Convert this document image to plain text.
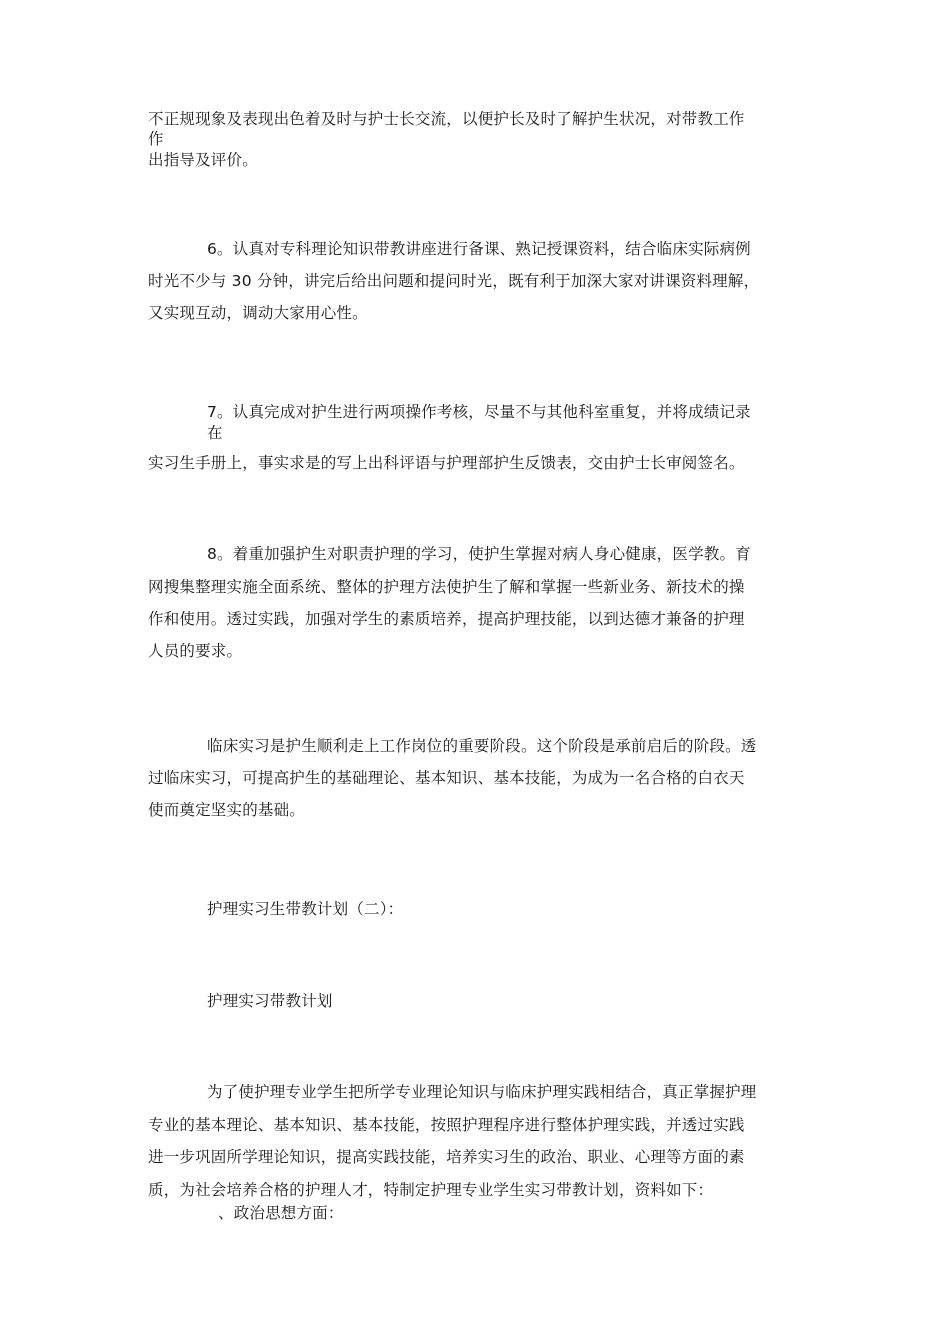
不正规现象及表现出色着及时与护士长交流，以便护长及时了解护生状况，对带教工作
作
出指导及评价。
6。认真对专科理论知识带教讲座进行备课、熟记授课资料，结合临床实际病例
时光不少与 30 分钟，讲完后给出问题和提问时光，既有利于加深大家对讲课资料理解，
又实现互动，调动大家用心性。
7。认真完成对护生进行两项操作考核，尽量不与其他科室重复，并将成绩记录
在
实习生手册上，事实求是的写上出科评语与护理部护生反馈表，交由护士长审阅签名。
8。着重加强护生对职责护理的学习，使护生掌握对病人身心健康，医学教。育
网搜集整理实施全面系统、整体的护理方法使护生了解和掌握一些新业务、新技术的操
作和使用。透过实践，加强对学生的素质培养，提高护理技能，以到达德才兼备的护理
人员的要求。
临床实习是护生顺利走上工作岗位的重要阶段。这个阶段是承前启后的阶段。透
过临床实习，可提高护生的基础理论、基本知识、基本技能，为成为一名合格的白衣天
使而奠定坚实的基础。
护理实习生带教计划（二）：
护理实习带教计划
为了使护理专业学生把所学专业理论知识与临床护理实践相结合，真正掌握护理
专业的基本理论、基本知识、基本技能，按照护理程序进行整体护理实践，并透过实践
进一步巩固所学理论知识，提高实践技能，培养实习生的政治、职业、心理等方面的素
质，为社会培养合格的护理人才，特制定护理专业学生实习带教计划，资料如下：
、政治思想方面：
